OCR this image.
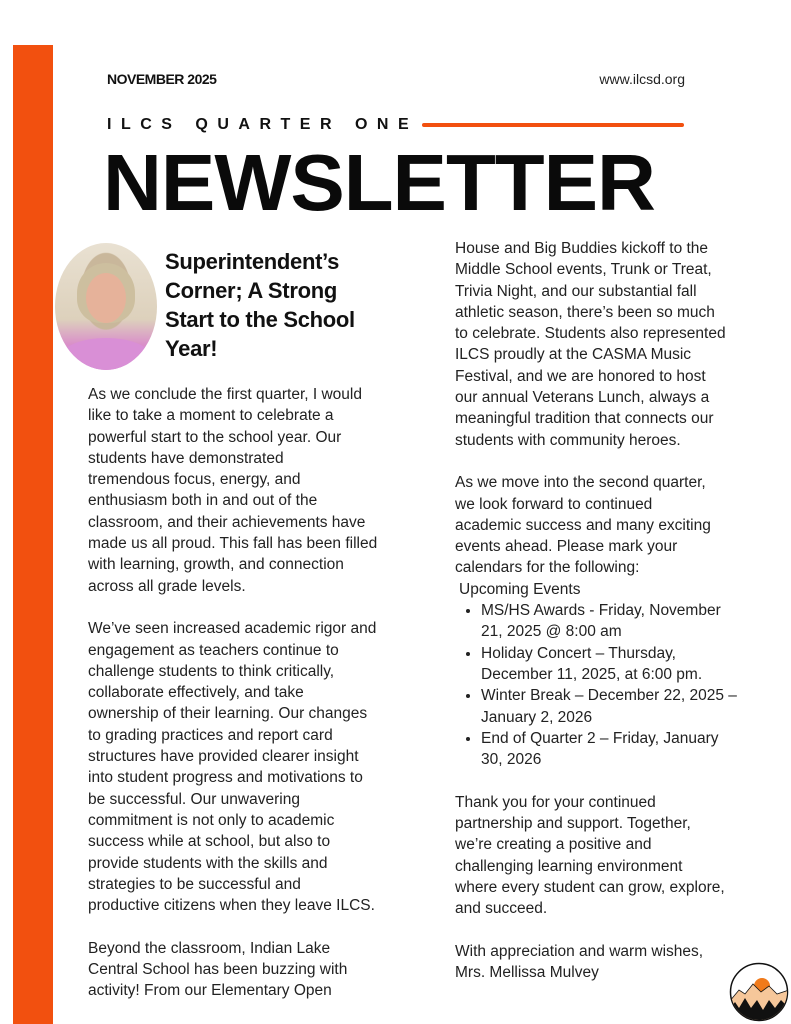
NOVEMBER 2025	www.ilcsd.org
ILCS QUARTER ONE
NEWSLETTER
Superintendent’s
Corner; A Strong
Start to the School
Year!
As we conclude the first quarter, I would
like to take a moment to celebrate a
powerful start to the school year. Our
students have demonstrated
tremendous focus, energy, and
enthusiasm both in and out of the
classroom, and their achievements have
made us all proud. This fall has been filled
with learning, growth, and connection
across all grade levels.
We’ve seen increased academic rigor and
engagement as teachers continue to
challenge students to think critically,
collaborate effectively, and take
ownership of their learning. Our changes
to grading practices and report card
structures have provided clearer insight
into student progress and motivations to
be successful. Our unwavering
commitment is not only to academic
success while at school, but also to
provide students with the skills and
strategies to be successful and
productive citizens when they leave ILCS.
Beyond the classroom, Indian Lake
Central School has been buzzing with
activity! From our Elementary Open
House and Big Buddies kickoff to the
Middle School events, Trunk or Treat,
Trivia Night, and our substantial fall
athletic season, there’s been so much
to celebrate. Students also represented
ILCS proudly at the CASMA Music
Festival, and we are honored to host
our annual Veterans Lunch, always a
meaningful tradition that connects our
students with community heroes.
As we move into the second quarter,
we look forward to continued
academic success and many exciting
events ahead. Please mark your
calendars for the following:
Upcoming Events
• MS/HS Awards - Friday, November
21, 2025 @ 8:00 am
• Holiday Concert – Thursday,
December 11, 2025, at 6:00 pm.
• Winter Break – December 22, 2025 –
January 2, 2026
• End of Quarter 2 – Friday, January
30, 2026
Thank you for your continued
partnership and support. Together,
we’re creating a positive and
challenging learning environment
where every student can grow, explore,
and succeed.
With appreciation and warm wishes,
Mrs. Mellissa Mulvey
